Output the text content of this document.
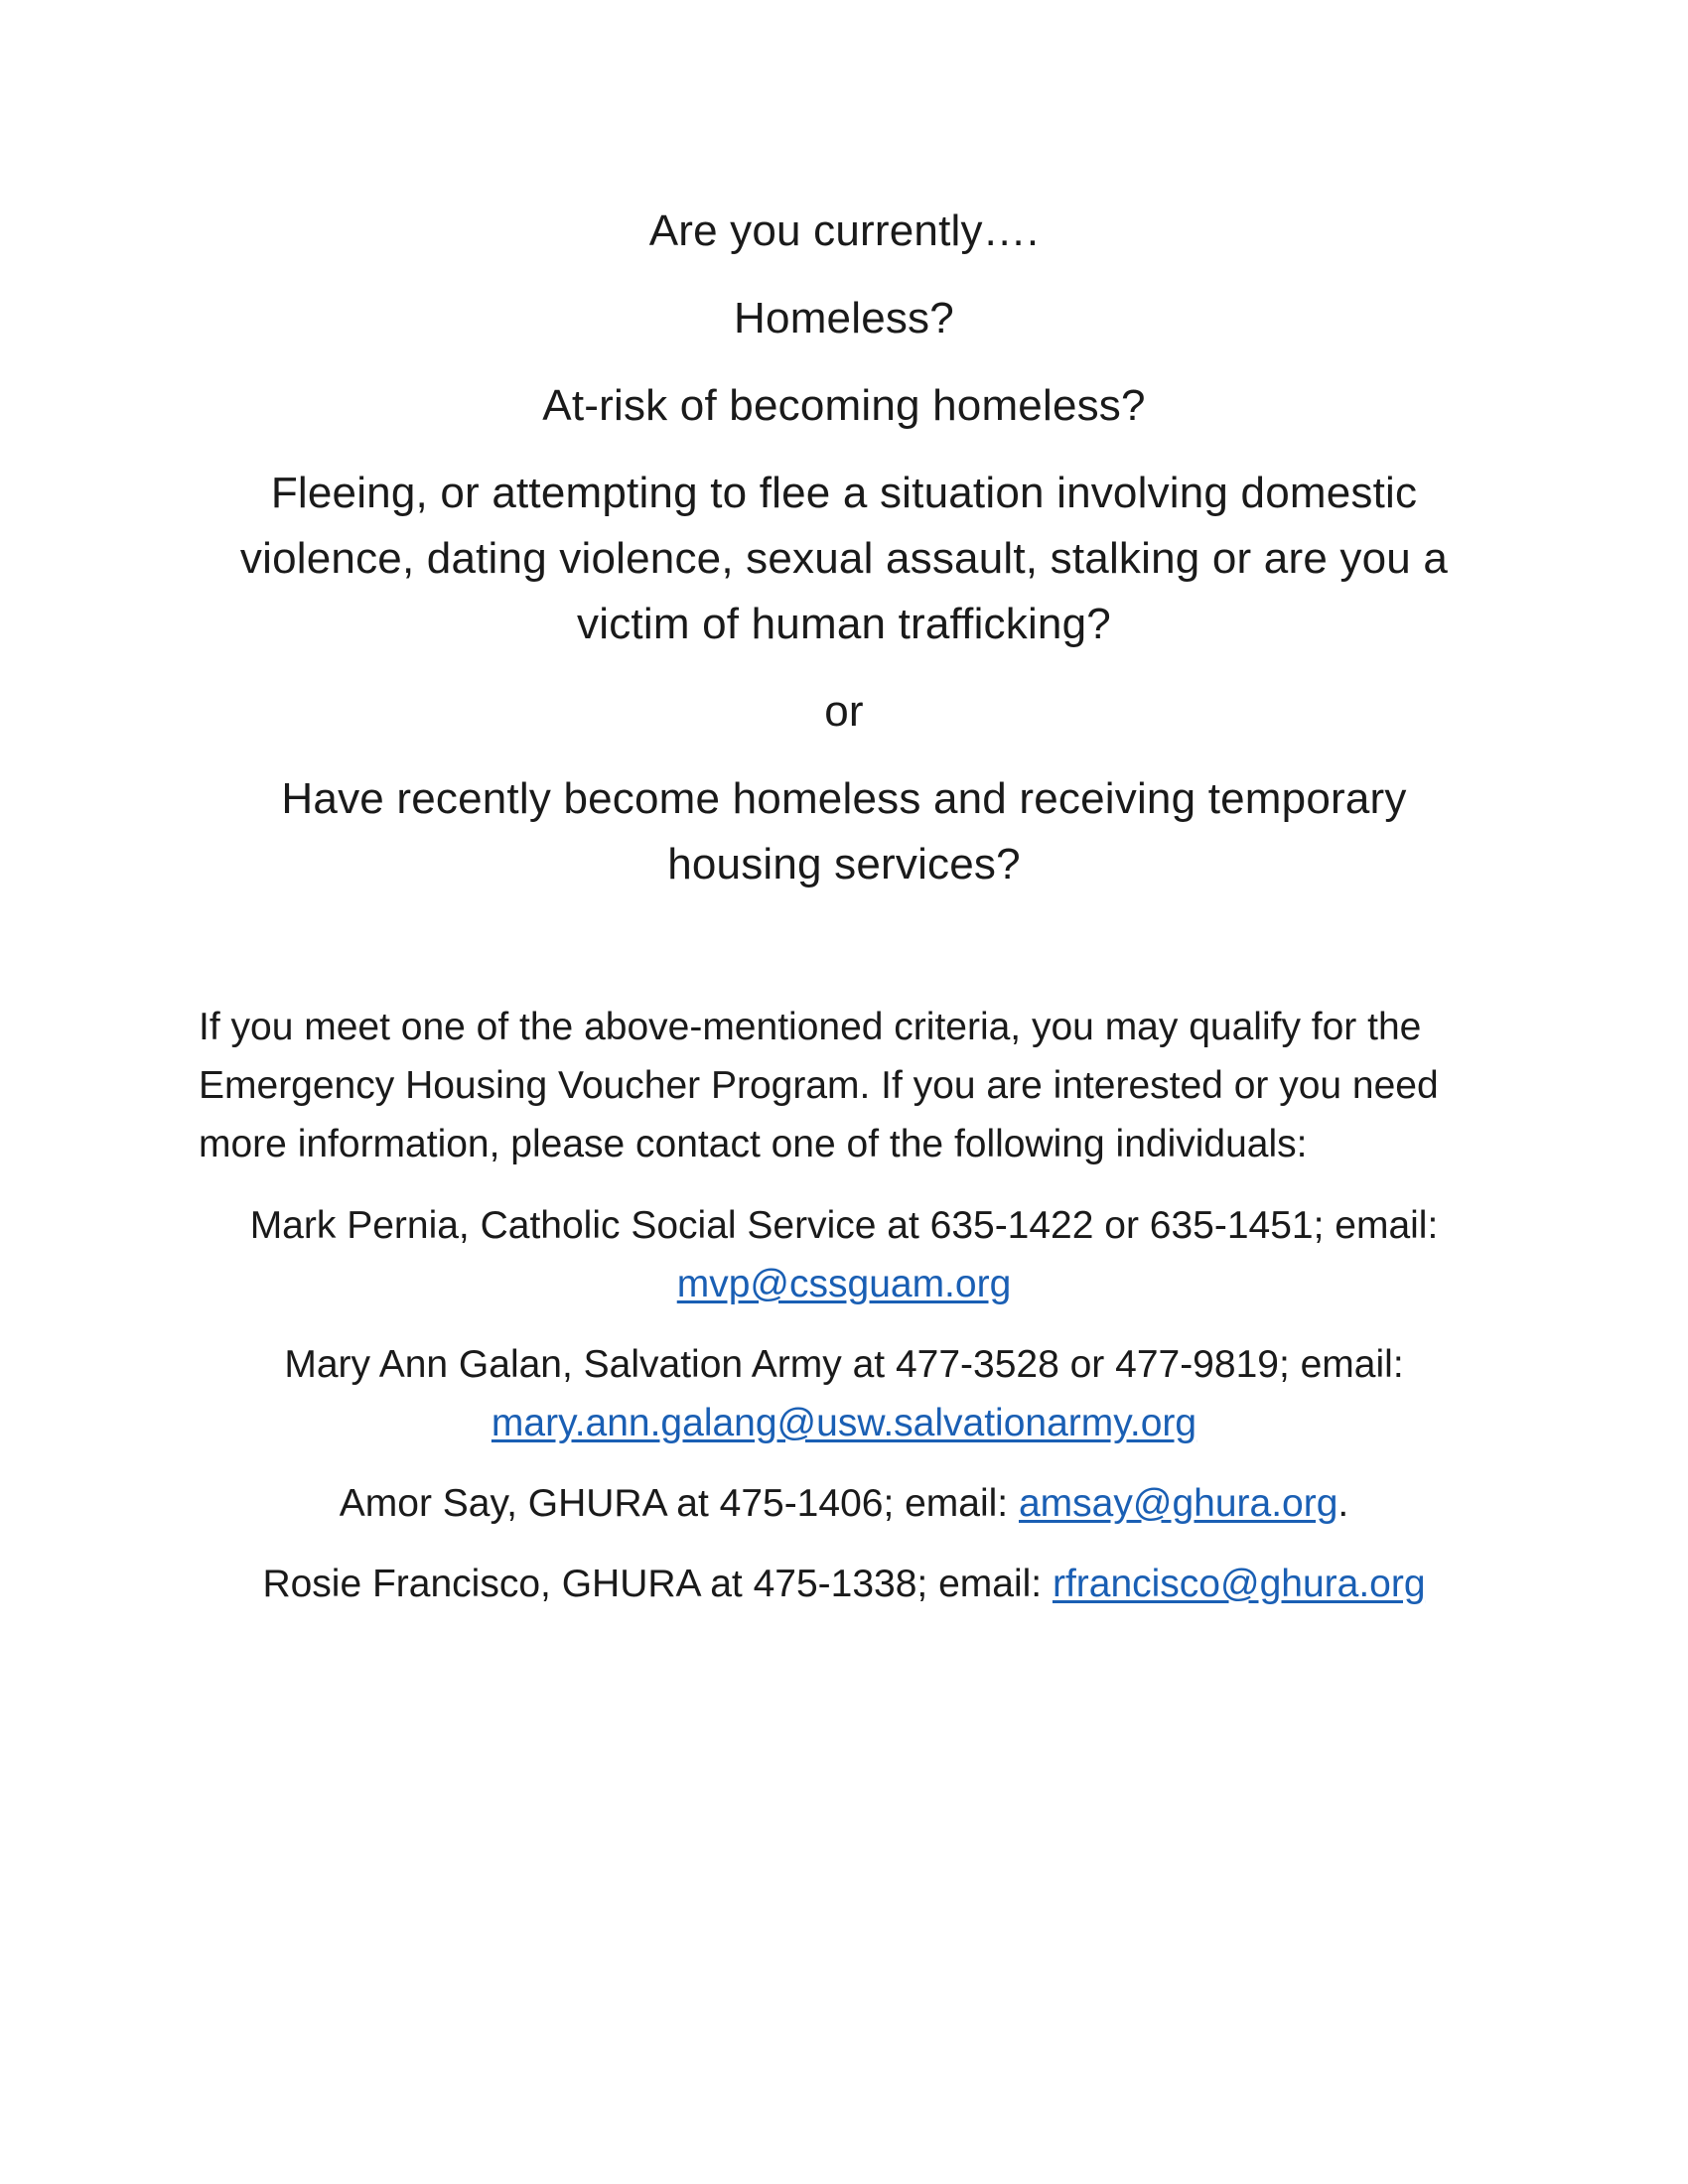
Are you currently….

Homeless?

At-risk of becoming homeless?

Fleeing, or attempting to flee a situation involving domestic violence, dating violence, sexual assault, stalking or are you a victim of human trafficking?

or

Have recently become homeless and receiving temporary housing services?

If you meet one of the above-mentioned criteria, you may qualify for the Emergency Housing Voucher Program. If you are interested or you need more information, please contact one of the following individuals:

Mark Pernia, Catholic Social Service at 635-1422 or 635-1451; email: mvp@cssguam.org

Mary Ann Galan, Salvation Army at 477-3528 or 477-9819; email: mary.ann.galang@usw.salvationarmy.org

Amor Say, GHURA at 475-1406; email: amsay@ghura.org.

Rosie Francisco, GHURA at 475-1338; email: rfrancisco@ghura.org
